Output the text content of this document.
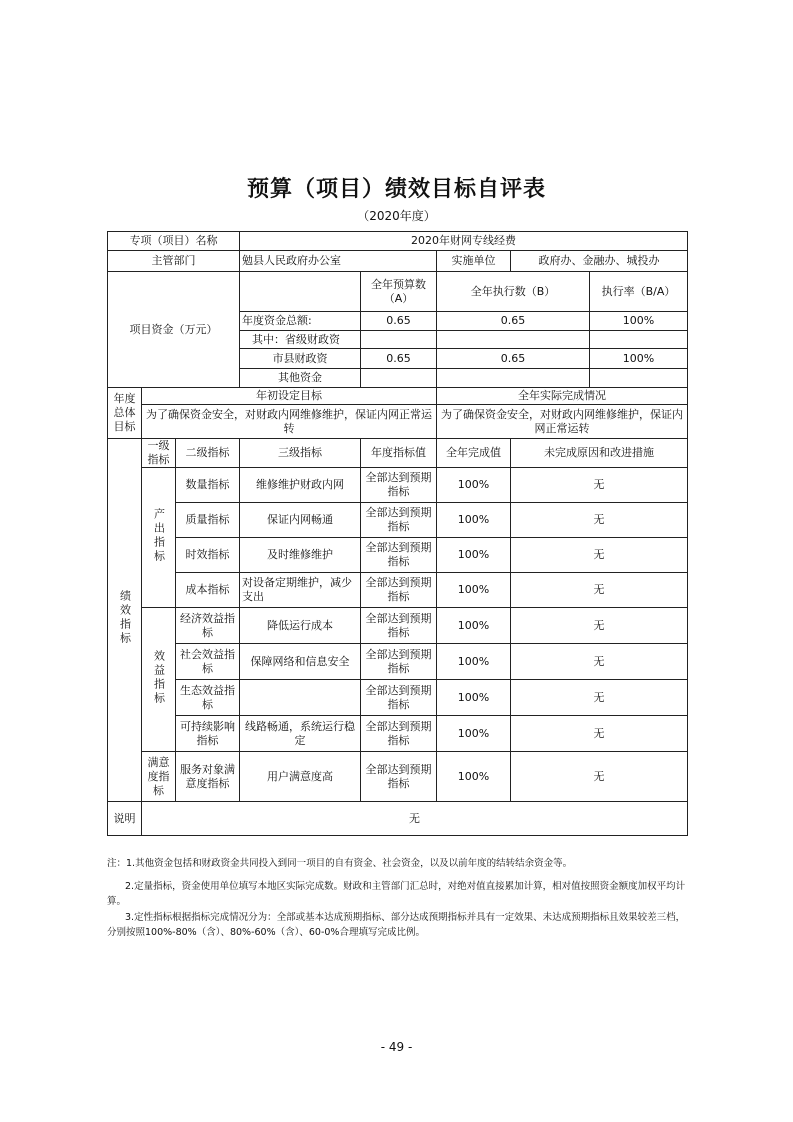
预算（项目）绩效目标自评表
（2020年度）
专项（项目）名称			2020年财网专线经费				
主管部门			勉县人民政府办公室		实施单位	政府办、金融办、城投办	
项目资金（万元）				全年预算数（A）	全年执行数（B）		执行率（B/A）
			年度资金总额:	0.65	0.65		100%
			其中：省级财政资				
			市县财政资	0.65	0.65		100%
			其他资金				
年度总体目标	年初设定目标				全年实际完成情况		
	为了确保资金安全，对财政内网维修维护，保证内网正常运转				为了确保资金安全，对财政内网维修维护，保证内网正常运转		
绩效指标	一级指标	二级指标	三级指标	年度指标值	全年完成值	未完成原因和改进措施	
	产出指标	数量指标	维修维护财政内网	全部达到预期指标	100%	无	
		质量指标	保证内网畅通	全部达到预期指标	100%	无	
		时效指标	及时维修维护	全部达到预期指标	100%	无	
		成本指标	对设备定期维护，减少支出	全部达到预期指标	100%	无	
	效益指标	经济效益指标	降低运行成本	全部达到预期指标	100%	无	
		社会效益指标	保障网络和信息安全	全部达到预期指标	100%	无	
		生态效益指标		全部达到预期指标	100%	无	
		可持续影响指标	线路畅通，系统运行稳定	全部达到预期指标	100%	无	
	满意度指标	服务对象满意度指标	用户满意度高	全部达到预期指标	100%	无	
说明	无						
注：1.其他资金包括和财政资金共同投入到同一项目的自有资金、社会资金，以及以前年度的结转结余资金等。
2.定量指标，资金使用单位填写本地区实际完成数。财政和主管部门汇总时，对绝对值直接累加计算，相对值按照资金额度加权平均计算。
3.定性指标根据指标完成情况分为：全部或基本达成预期指标、部分达成预期指标并具有一定效果、未达成预期指标且效果较差三档，分别按照100%-80%（含）、80%-60%（含）、60-0%合理填写完成比例。
- 49 -
